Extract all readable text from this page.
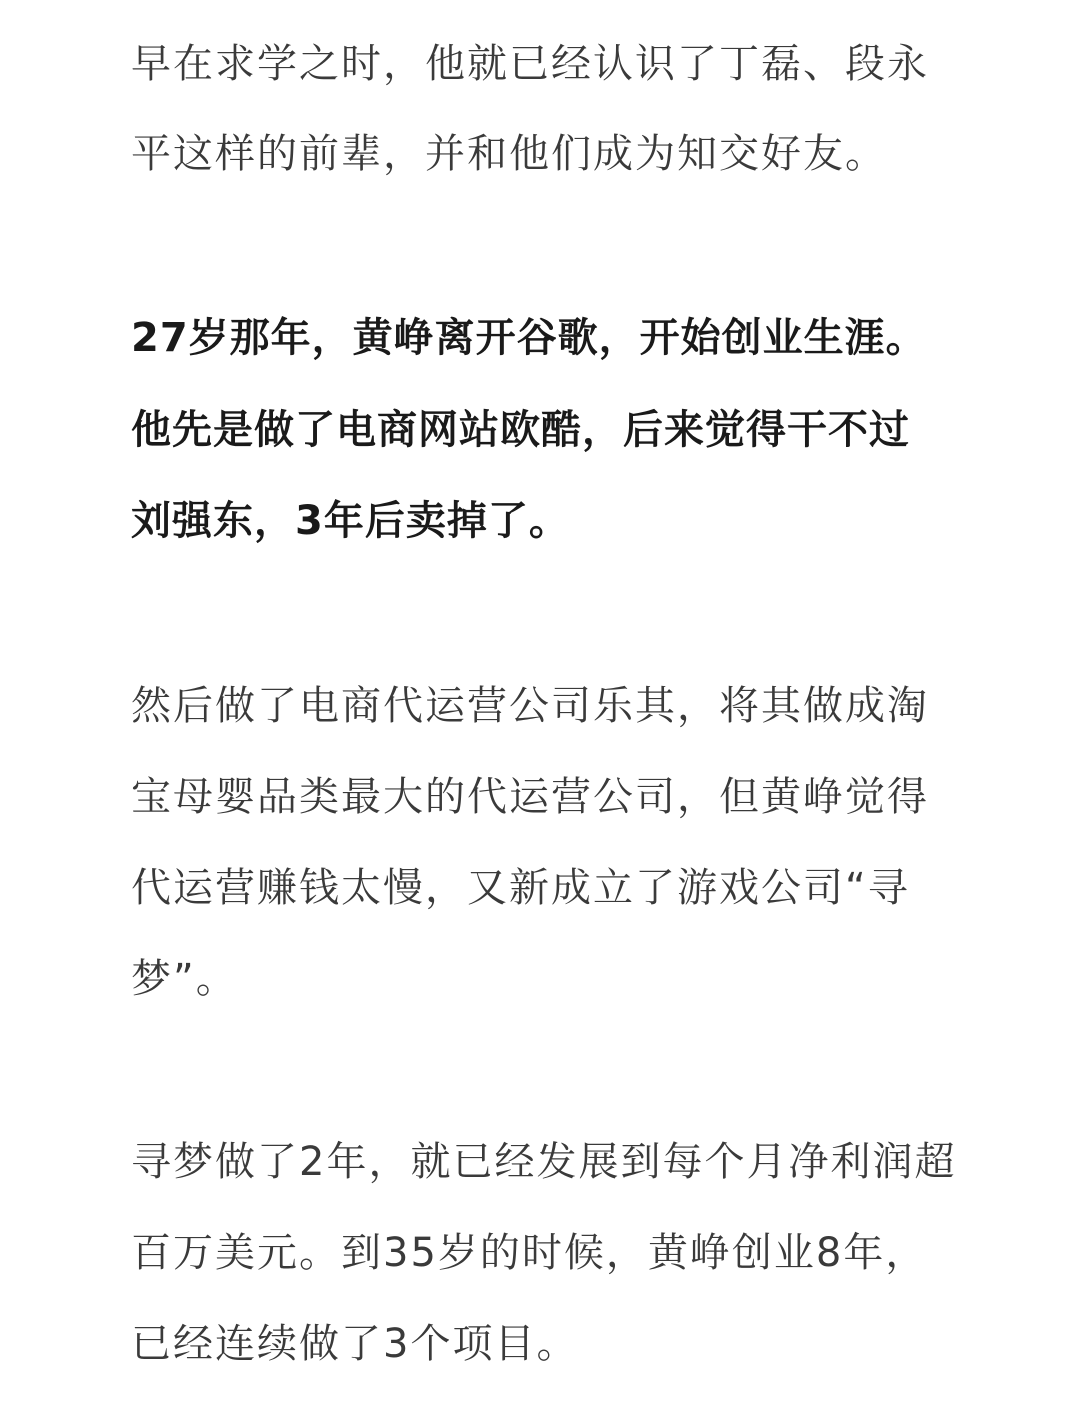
早在求学之时，他就已经认识了丁磊、段永
平这样的前辈，并和他们成为知交好友。
27岁那年，黄峥离开谷歌，开始创业生涯。
他先是做了电商网站欧酷，后来觉得干不过
刘强东，3年后卖掉了。
然后做了电商代运营公司乐其，将其做成淘
宝母婴品类最大的代运营公司，但黄峥觉得
代运营赚钱太慢，又新成立了游戏公司“寻
梦”。
寻梦做了2年，就已经发展到每个月净利润超
百万美元。到35岁的时候，黄峥创业8年，
已经连续做了3个项目。
